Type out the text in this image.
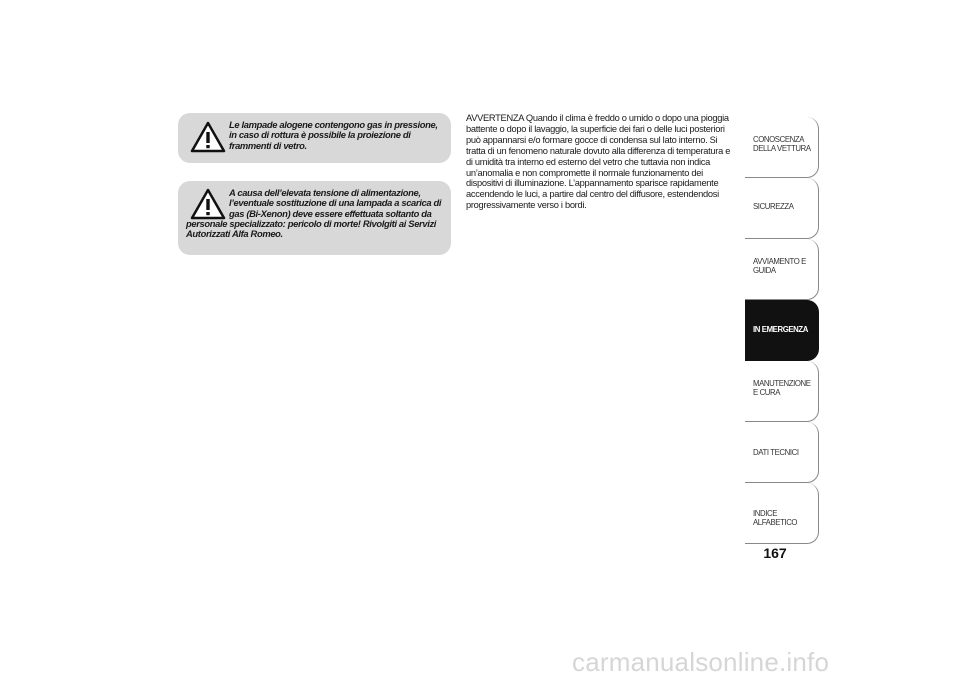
Le lampade alogene contengono gas in pressione, in caso di rottura è possibile la proiezione di frammenti di vetro.
A causa dell’elevata tensione di alimentazione, l’eventuale sostituzione di una lampada a scarica di gas (Bi-Xenon) deve essere effettuata soltanto da personale specializzato: pericolo di morte! Rivolgiti ai Servizi Autorizzati Alfa Romeo.
AVVERTENZA Quando il clima è freddo o umido o dopo una pioggia battente o dopo il lavaggio, la superficie dei fari o delle luci posteriori può appannarsi e/o formare gocce di condensa sul lato interno. Si tratta di un fenomeno naturale dovuto alla differenza di temperatura e di umidità tra interno ed esterno del vetro che tuttavia non indica un’anomalia e non compromette il normale funzionamento dei dispositivi di illuminazione. L’appannamento sparisce rapidamente accendendo le luci, a partire dal centro del diffusore, estendendosi progressivamente verso i bordi.
CONOSCENZA DELLA VETTURA
SICUREZZA
AVVIAMENTO E GUIDA
IN EMERGENZA
MANUTENZIONE E CURA
DATI TECNICI
INDICE ALFABETICO
167
carmanualsonline.info
